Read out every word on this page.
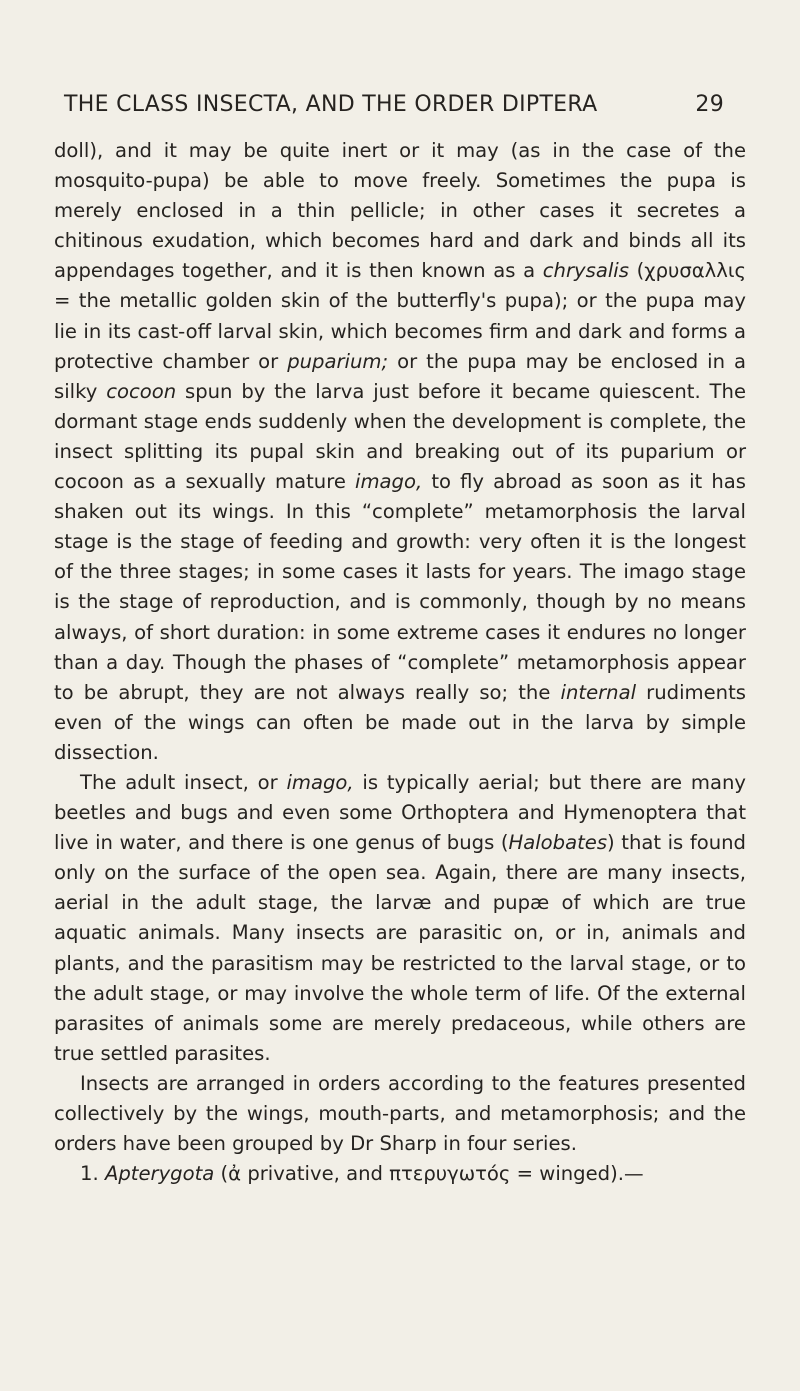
THE CLASS INSECTA, AND THE ORDER DIPTERA	29

doll), and it may be quite inert or it may (as in the case of the mosquito-pupa) be able to move freely. Sometimes the pupa is merely enclosed in a thin pellicle; in other cases it secretes a chitinous exudation, which becomes hard and dark and binds all its appendages together, and it is then known as a chrysalis (χρυσαλλις = the metallic golden skin of the butterfly's pupa); or the pupa may lie in its cast-off larval skin, which becomes firm and dark and forms a protective chamber or puparium; or the pupa may be enclosed in a silky cocoon spun by the larva just before it became quiescent. The dormant stage ends suddenly when the development is complete, the insect splitting its pupal skin and breaking out of its puparium or cocoon as a sexually mature imago, to fly abroad as soon as it has shaken out its wings. In this “complete” metamorphosis the larval stage is the stage of feeding and growth: very often it is the longest of the three stages; in some cases it lasts for years. The imago stage is the stage of reproduction, and is commonly, though by no means always, of short duration: in some extreme cases it endures no longer than a day. Though the phases of “complete” metamorphosis appear to be abrupt, they are not always really so; the internal rudiments even of the wings can often be made out in the larva by simple dissection.

The adult insect, or imago, is typically aerial; but there are many beetles and bugs and even some Orthoptera and Hymenoptera that live in water, and there is one genus of bugs (Halobates) that is found only on the surface of the open sea. Again, there are many insects, aerial in the adult stage, the larvæ and pupæ of which are true aquatic animals. Many insects are parasitic on, or in, animals and plants, and the parasitism may be restricted to the larval stage, or to the adult stage, or may involve the whole term of life. Of the external parasites of animals some are merely predaceous, while others are true settled parasites.

Insects are arranged in orders according to the features presented collectively by the wings, mouth-parts, and metamorphosis; and the orders have been grouped by Dr Sharp in four series.

1. Apterygota (ἀ privative, and πτερυγωτός = winged).—
